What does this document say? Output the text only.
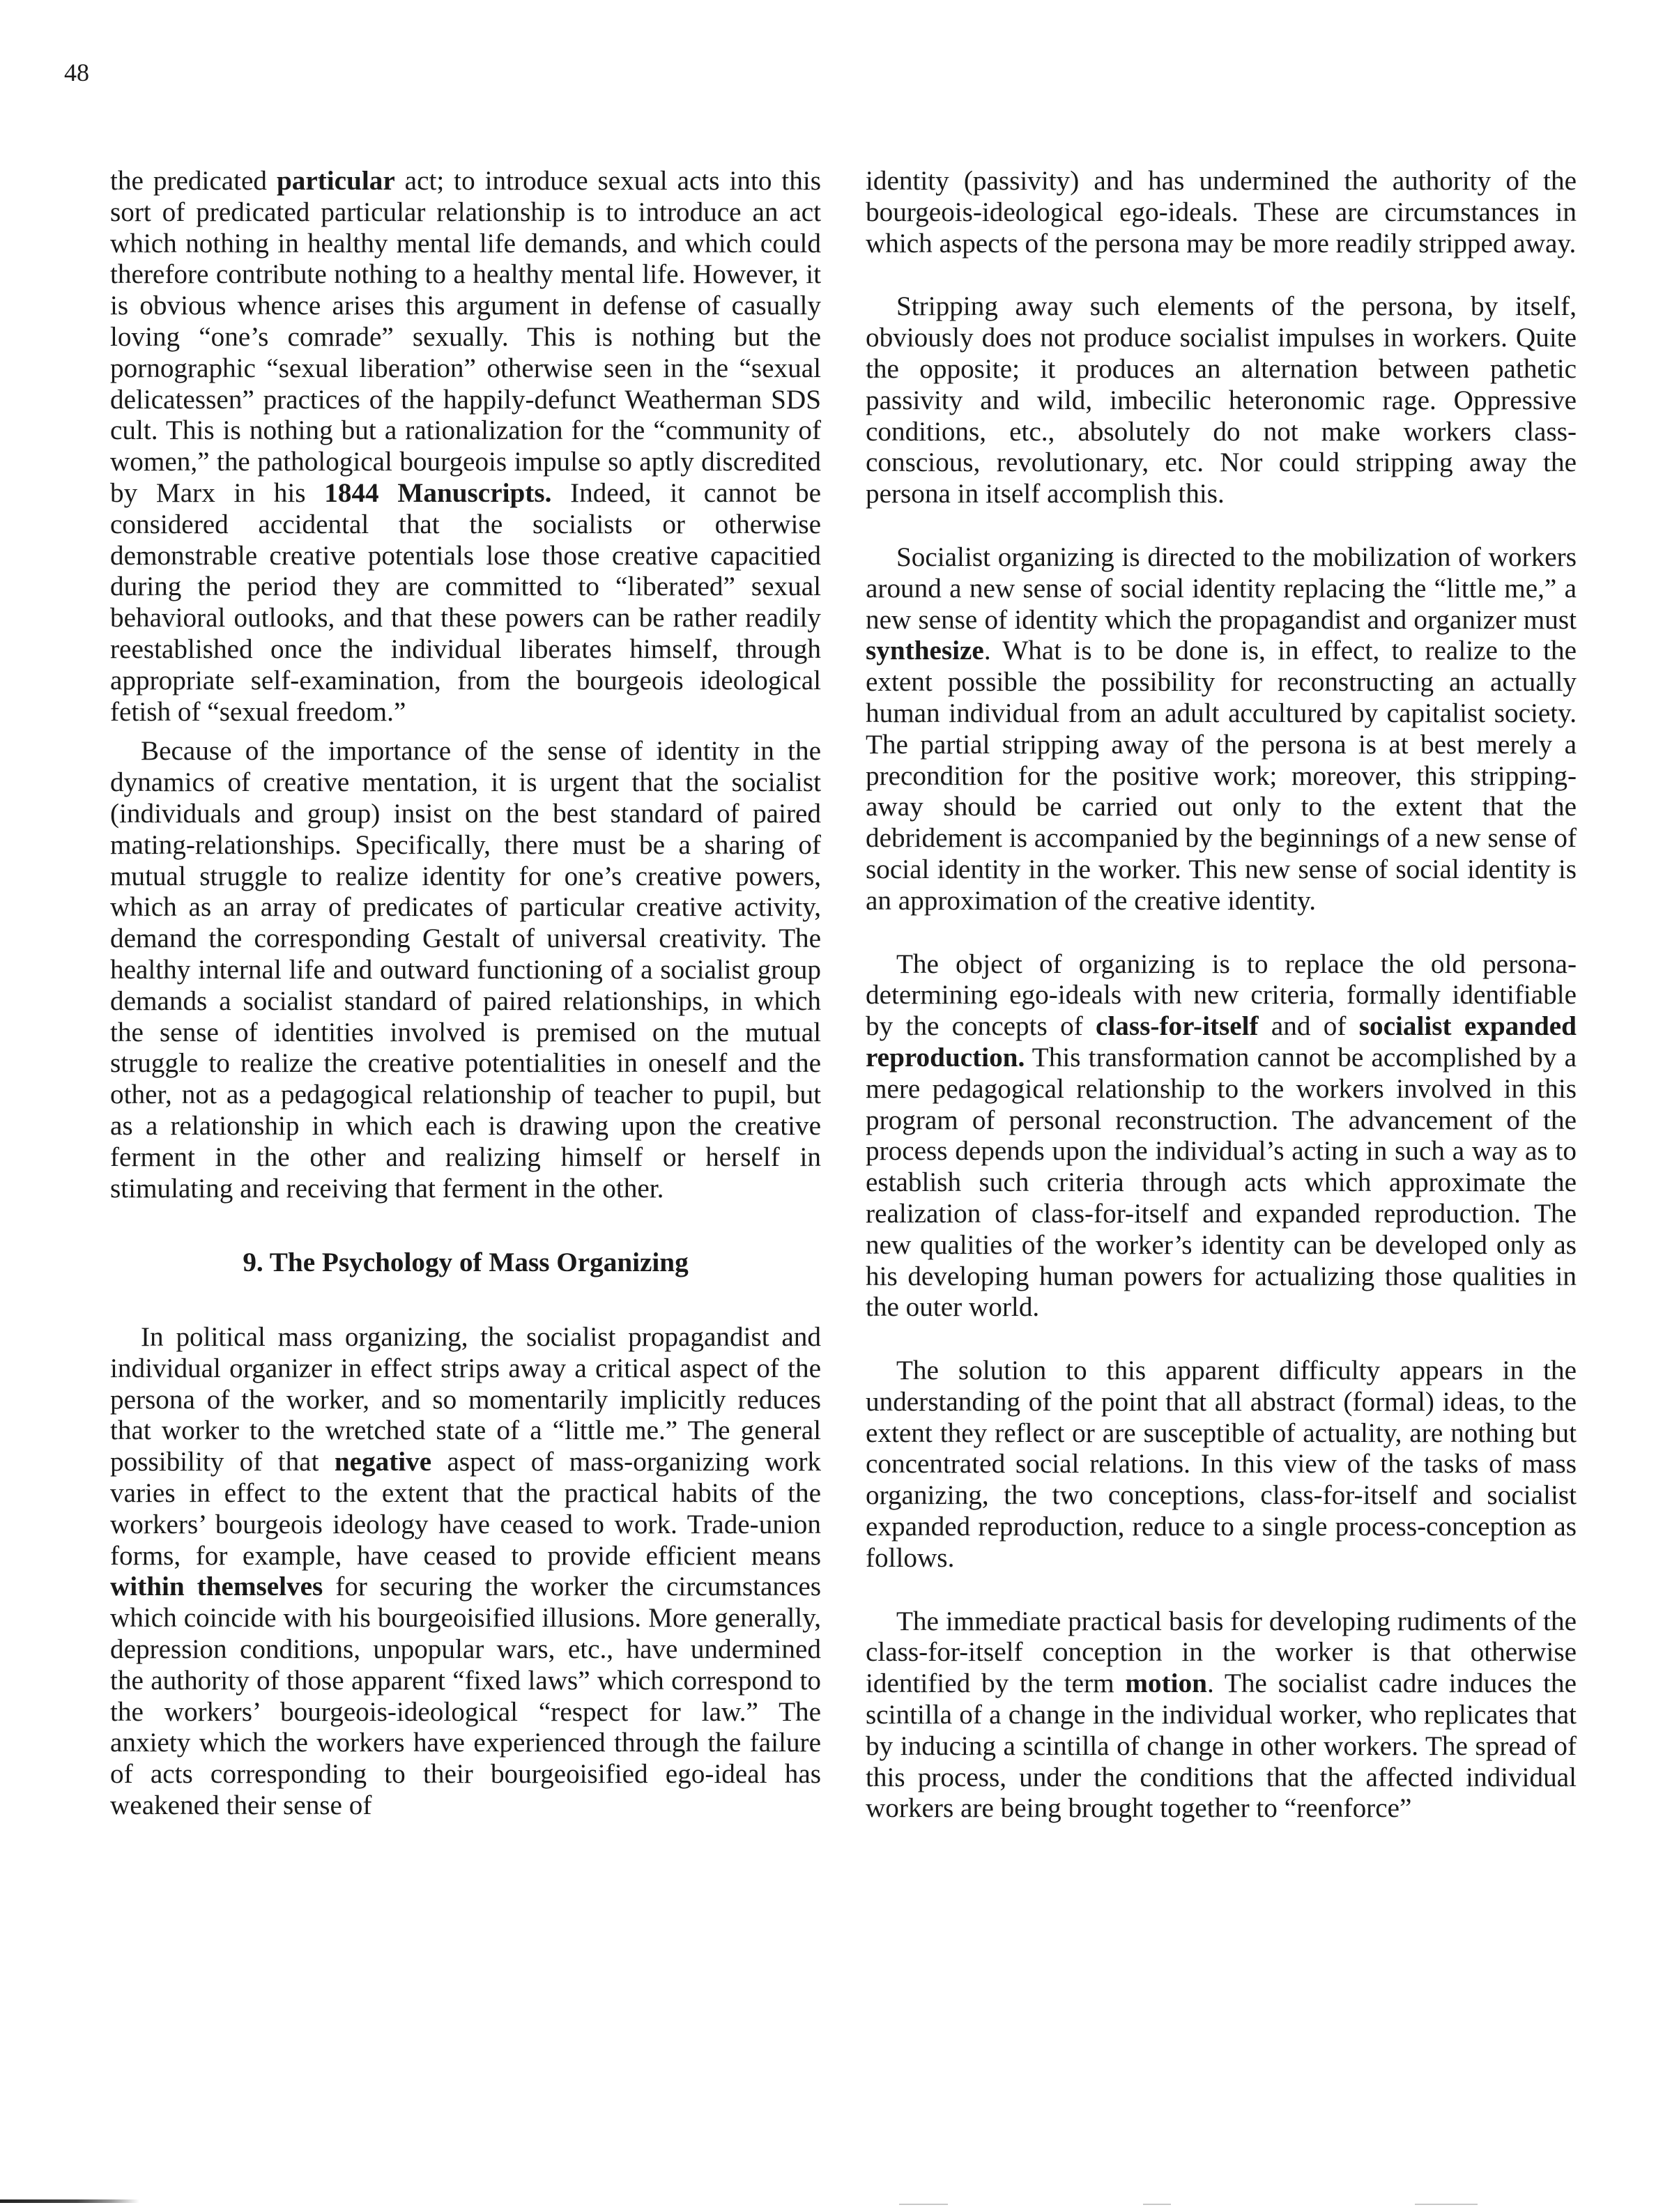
48

the predicated particular act; to introduce sexual acts into this sort of predicated particular relationship is to introduce an act which nothing in healthy mental life demands, and which could therefore contribute nothing to a healthy mental life. However, it is obvious whence arises this argument in defense of casually loving “one’s comrade” sexually. This is nothing but the pornographic “sexual liberation” otherwise seen in the “sexual delicatessen” practices of the happily-defunct Weatherman SDS cult. This is nothing but a rationalization for the “community of women,” the pathological bourgeois impulse so aptly discredited by Marx in his 1844 Manuscripts. Indeed, it cannot be considered accidental that the socialists or otherwise demonstrable creative potentials lose those creative capacitied during the period they are committed to “liberated” sexual behavioral outlooks, and that these powers can be rather readily reestablished once the individual liberates himself, through appropriate self-examination, from the bourgeois ideological fetish of “sexual freedom.”

Because of the importance of the sense of identity in the dynamics of creative mentation, it is urgent that the socialist (individuals and group) insist on the best standard of paired mating-relationships. Specifically, there must be a sharing of mutual struggle to realize identity for one’s creative powers, which as an array of predicates of particular creative activity, demand the corresponding Gestalt of universal creativity. The healthy internal life and outward functioning of a socialist group demands a socialist standard of paired relationships, in which the sense of identities involved is premised on the mutual struggle to realize the creative potentialities in oneself and the other, not as a pedagogical relationship of teacher to pupil, but as a relationship in which each is drawing upon the creative ferment in the other and realizing himself or herself in stimulating and receiving that ferment in the other.

9. The Psychology of Mass Organizing

In political mass organizing, the socialist propagandist and individual organizer in effect strips away a critical aspect of the persona of the worker, and so momentarily implicitly reduces that worker to the wretched state of a “little me.” The general possibility of that negative aspect of mass-organizing work varies in effect to the extent that the practical habits of the workers’ bourgeois ideology have ceased to work. Trade-union forms, for example, have ceased to provide efficient means within themselves for securing the worker the circumstances which coincide with his bourgeoisified illusions. More generally, depression conditions, unpopular wars, etc., have undermined the authority of those apparent “fixed laws” which correspond to the workers’ bourgeois-ideological “respect for law.” The anxiety which the workers have experienced through the failure of acts corresponding to their bourgeoisified ego-ideal has weakened their sense of

identity (passivity) and has undermined the authority of the bourgeois-ideological ego-ideals. These are circumstances in which aspects of the persona may be more readily stripped away.

Stripping away such elements of the persona, by itself, obviously does not produce socialist impulses in workers. Quite the opposite; it produces an alternation between pathetic passivity and wild, imbecilic heteronomic rage. Oppressive conditions, etc., absolutely do not make workers class-conscious, revolutionary, etc. Nor could stripping away the persona in itself accomplish this.

Socialist organizing is directed to the mobilization of workers around a new sense of social identity replacing the “little me,” a new sense of identity which the propagandist and organizer must synthesize. What is to be done is, in effect, to realize to the extent possible the possibility for reconstructing an actually human individual from an adult accultured by capitalist society. The partial stripping away of the persona is at best merely a precondition for the positive work; moreover, this stripping-away should be carried out only to the extent that the debridement is accompanied by the beginnings of a new sense of social identity in the worker. This new sense of social identity is an approximation of the creative identity.

The object of organizing is to replace the old persona-determining ego-ideals with new criteria, formally identifiable by the concepts of class-for-itself and of socialist expanded reproduction. This transformation cannot be accomplished by a mere pedagogical relationship to the workers involved in this program of personal reconstruction. The advancement of the process depends upon the individual’s acting in such a way as to establish such criteria through acts which approximate the realization of class-for-itself and expanded reproduction. The new qualities of the worker’s identity can be developed only as his developing human powers for actualizing those qualities in the outer world.

The solution to this apparent difficulty appears in the understanding of the point that all abstract (formal) ideas, to the extent they reflect or are susceptible of actuality, are nothing but concentrated social relations. In this view of the tasks of mass organizing, the two conceptions, class-for-itself and socialist expanded reproduction, reduce to a single process-conception as follows.

The immediate practical basis for developing rudiments of the class-for-itself conception in the worker is that otherwise identified by the term motion. The socialist cadre induces the scintilla of a change in the individual worker, who replicates that by inducing a scintilla of change in other workers. The spread of this process, under the conditions that the affected individual workers are being brought together to “reenforce”
